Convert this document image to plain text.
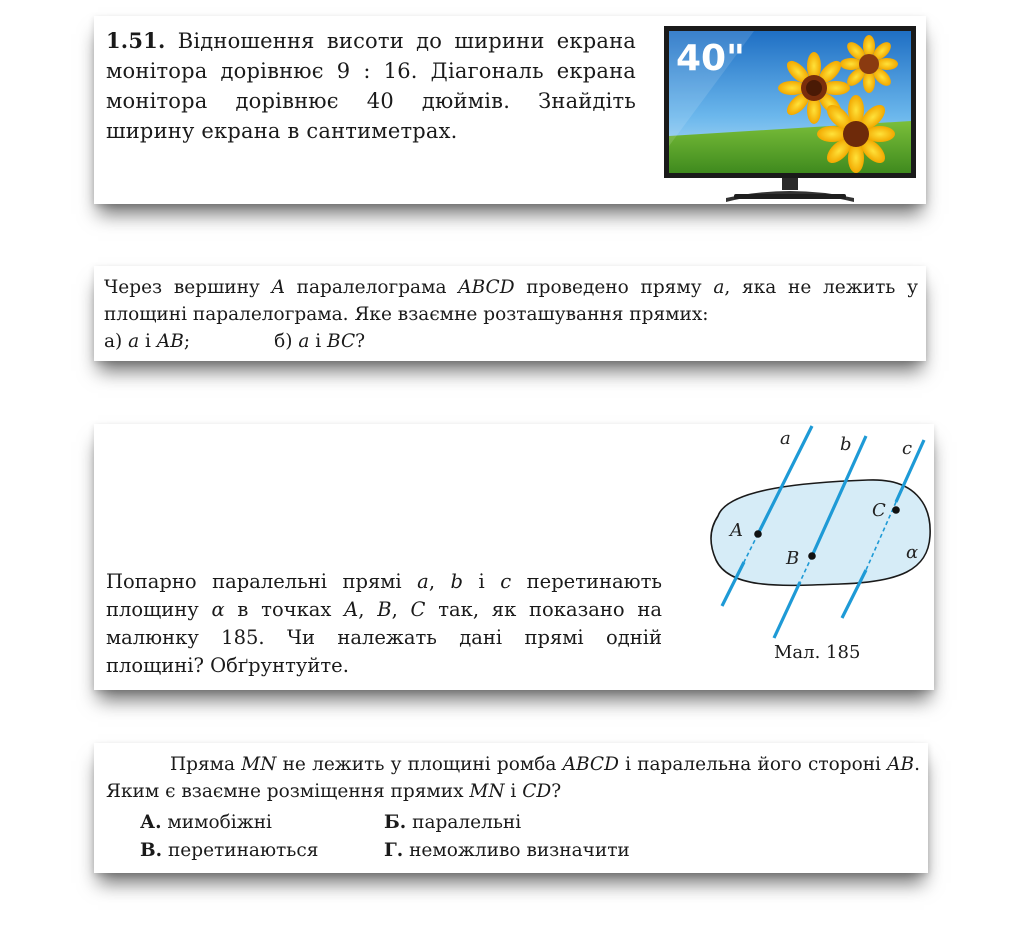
1.51. Відношення висоти до ширини екрана монітора дорівнює 9 : 16. Діагональ екрана монітора дорівнює 40 дюймів. Знайдіть ширину екрана в сантиметрах.
40"
Через вершину A паралелограма ABCD проведено пряму a, яка не лежить у площині паралелограма. Яке взаємне розташування прямих:
а) a і AB;	б) a і BC?
Попарно паралельні прямі a, b і c перетинають площину α в точках A, B, C так, як показано на малюнку 185. Чи належать дані прямі одній площині? Обґрунтуйте.
a	b	c
A
B
C
α
Мал. 185
Пряма MN не лежить у площині ромба ABCD і паралельна його стороні AB. Яким є взаємне розміщення прямих MN і CD?
А. мимобіжні	Б. паралельні
В. перетинаються	Г. неможливо визначити
